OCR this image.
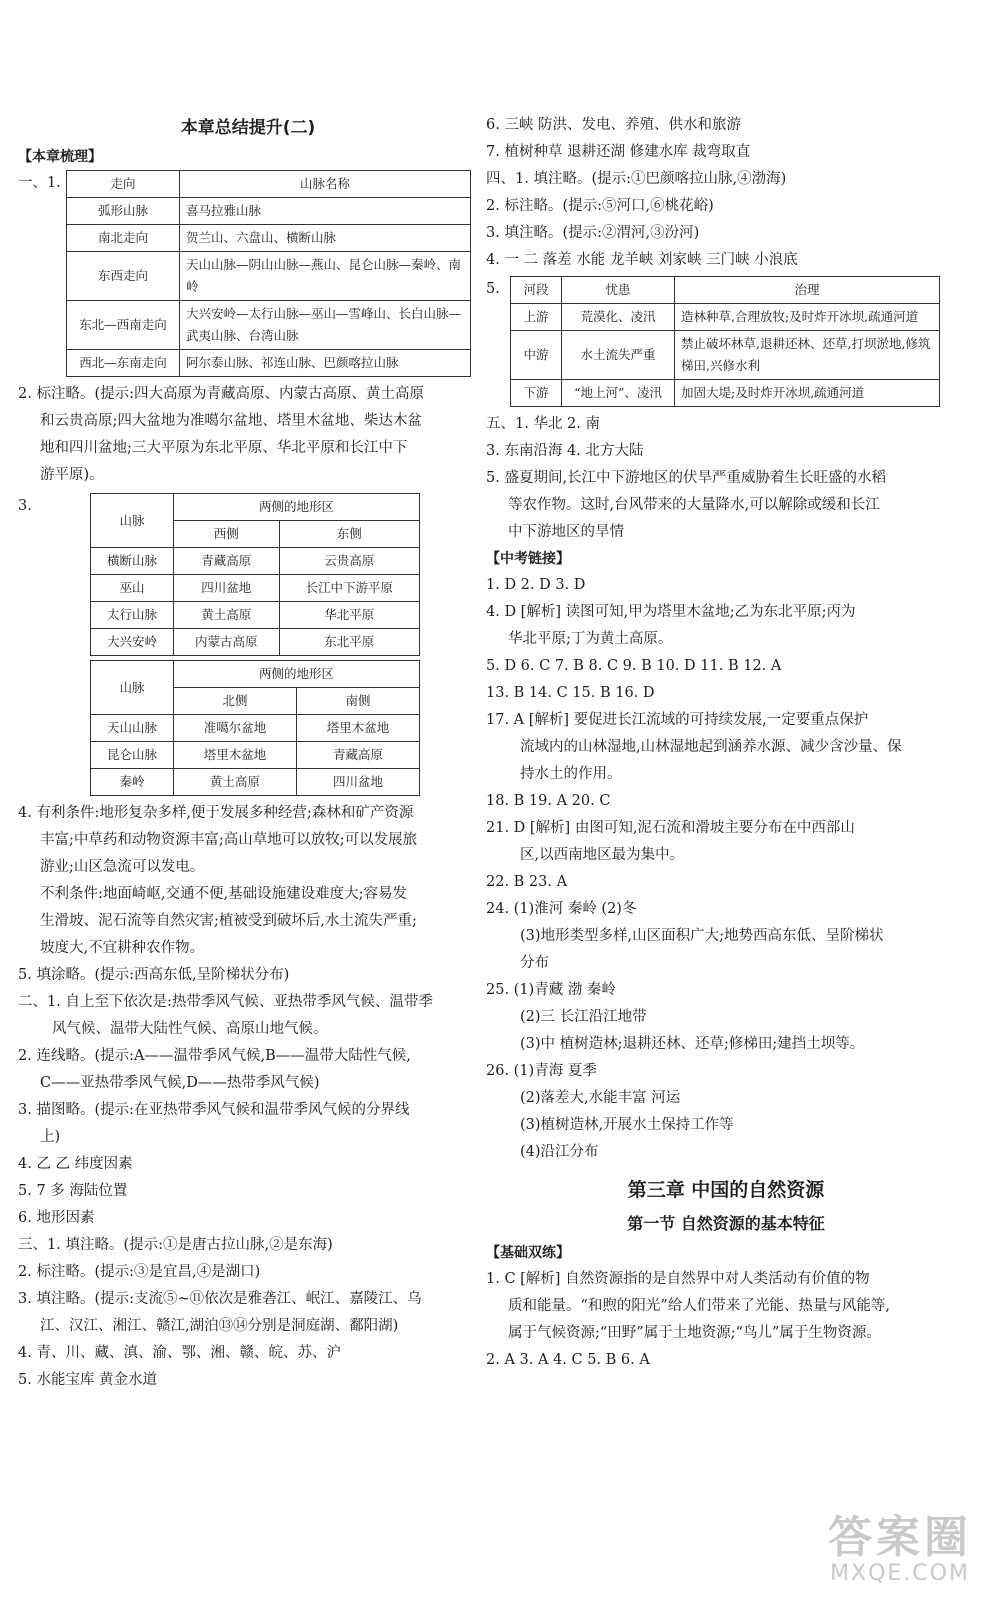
本章总结提升(二)
【本章梳理】
一、1.	走向	山脉名称
弧形山脉	喜马拉雅山脉
南北走向	贺兰山、六盘山、横断山脉
东西走向	天山山脉—阴山山脉—燕山、昆仑山脉—秦岭、南岭
东北—西南走向	大兴安岭—太行山脉—巫山—雪峰山、长白山脉—武夷山脉、台湾山脉
西北—东南走向	阿尔泰山脉、祁连山脉、巴颜喀拉山脉
2. 标注略。(提示:四大高原为青藏高原、内蒙古高原、黄土高原
和云贵高原;四大盆地为准噶尔盆地、塔里木盆地、柴达木盆
地和四川盆地;三大平原为东北平原、华北平原和长江中下
游平原)。
3.
山脉	两侧的地形区	
	西侧	东侧
横断山脉	青藏高原	云贵高原
巫山	四川盆地	长江中下游平原
太行山脉	黄土高原	华北平原
大兴安岭	内蒙古高原	东北平原
山脉	两侧的地形区	
	北侧	南侧
天山山脉	准噶尔盆地	塔里木盆地
昆仑山脉	塔里木盆地	青藏高原
秦岭	黄土高原	四川盆地
4. 有利条件:地形复杂多样,便于发展多种经营;森林和矿产资源
丰富;中草药和动物资源丰富;高山草地可以放牧;可以发展旅
游业;山区急流可以发电。
不利条件:地面崎岖,交通不便,基础设施建设难度大;容易发
生滑坡、泥石流等自然灾害;植被受到破坏后,水土流失严重;
坡度大,不宜耕种农作物。
5. 填涂略。(提示:西高东低,呈阶梯状分布)
二、1. 自上至下依次是:热带季风气候、亚热带季风气候、温带季
风气候、温带大陆性气候、高原山地气候。
2. 连线略。(提示:A——温带季风气候,B——温带大陆性气候,
C——亚热带季风气候,D——热带季风气候)
3. 描图略。(提示:在亚热带季风气候和温带季风气候的分界线
上)
4. 乙 乙 纬度因素
5. 7 多 海陆位置
6. 地形因素
三、1. 填注略。(提示:①是唐古拉山脉,②是东海)
2. 标注略。(提示:③是宜昌,④是湖口)
3. 填注略。(提示:支流⑤~⑪依次是雅砻江、岷江、嘉陵江、乌
江、汉江、湘江、赣江,湖泊⑬⑭分别是洞庭湖、鄱阳湖)
4. 青、川、藏、滇、渝、鄂、湘、赣、皖、苏、沪
5. 水能宝库 黄金水道
6. 三峡 防洪、发电、养殖、供水和旅游
7. 植树种草 退耕还湖 修建水库 裁弯取直
四、1. 填注略。(提示:①巴颜喀拉山脉,④渤海)
2. 标注略。(提示:⑤河口,⑥桃花峪)
3. 填注略。(提示:②渭河,③汾河)
4. 一 二 落差 水能 龙羊峡 刘家峡 三门峡 小浪底
5.	河段	忧患	治理
上游	荒漠化、凌汛	造林种草,合理放牧;及时炸开冰坝,疏通河道
中游	水土流失严重	禁止破坏林草,退耕还林、还草,打坝淤地,修筑梯田,兴修水利
下游	“地上河”、凌汛	加固大堤;及时炸开冰坝,疏通河道
五、1. 华北 2. 南
3. 东南沿海 4. 北方大陆
5. 盛夏期间,长江中下游地区的伏旱严重威胁着生长旺盛的水稻
等农作物。这时,台风带来的大量降水,可以解除或缓和长江
中下游地区的旱情
【中考链接】
1. D 2. D 3. D
4. D [解析] 读图可知,甲为塔里木盆地;乙为东北平原;丙为
华北平原;丁为黄土高原。
5. D 6. C 7. B 8. C 9. B 10. D 11. B 12. A
13. B 14. C 15. B 16. D
17. A [解析] 要促进长江流域的可持续发展,一定要重点保护
流域内的山林湿地,山林湿地起到涵养水源、减少含沙量、保
持水土的作用。
18. B 19. A 20. C
21. D [解析] 由图可知,泥石流和滑坡主要分布在中西部山
区,以西南地区最为集中。
22. B 23. A
24. (1)淮河 秦岭 (2)冬
(3)地形类型多样,山区面积广大;地势西高东低、呈阶梯状
分布
25. (1)青藏 渤 秦岭
(2)三 长江沿江地带
(3)中 植树造林;退耕还林、还草;修梯田;建挡土坝等。
26. (1)青海 夏季
(2)落差大,水能丰富 河运
(3)植树造林,开展水土保持工作等
(4)沿江分布
第三章 中国的自然资源
第一节 自然资源的基本特征
【基础双练】
1. C [解析] 自然资源指的是自然界中对人类活动有价值的物
质和能量。“和煦的阳光”给人们带来了光能、热量与风能等,
属于气候资源;“田野”属于土地资源;“鸟儿”属于生物资源。
2. A 3. A 4. C 5. B 6. A
答案圈
MXQE.COM
